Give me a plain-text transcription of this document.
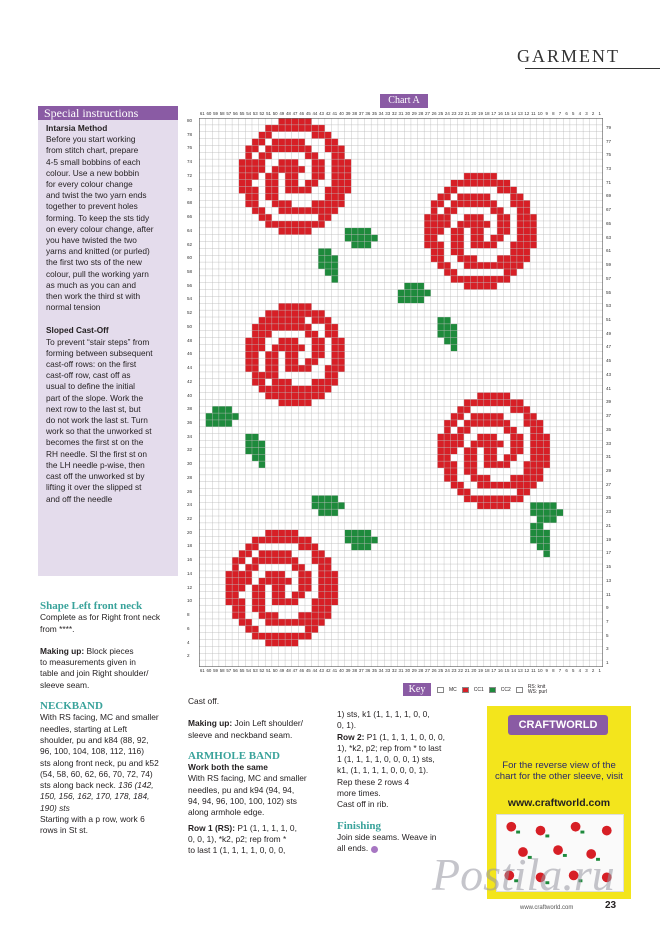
GARMENT
Special instructions
Intarsia Method
Before you start working
from stitch chart, prepare
4-5 small bobbins of each
colour. Use a new bobbin
for every colour change
and twist the two yarn ends
together to prevent holes
forming. To keep the sts tidy
on every colour change, after
you have twisted the two
yarns and knitted (or purled)
the first two sts of the new
colour, pull the working yarn
as much as you can and
then work the third st with
normal tension
Sloped Cast-Off
To prevent “stair steps” from
forming between subsequent
cast-off rows: on the first
cast-off row, cast off as
usual to define the initial
part of the slope. Work the
next row to the last st, but
do not work the last st. Turn
work so that the unworked st
becomes the first st on the
RH needle. Sl the first st on
the LH needle p-wise, then
cast off the unworked st by
lifting it over the slipped st
and off the needle
Chart A
61 60 59 58 57 56 55 54 53 52 51 50 49 48 47 46 45 44 43 42 41 40 39 38 37 36 35 34 33 32 31 30 29 28 27 26 25 24 23 22 21 20 19 18 17 16 15 14 13 12 11 10 9 8 7 6 5 4 3 2 1
61 60 59 58 57 56 55 54 53 52 51 50 49 48 47 46 45 44 43 42 41 40 39 38 37 36 35 34 33 32 31 30 29 28 27 26 25 24 23 22 21 20 19 18 17 16 15 14 13 12 11 10 9 8 7 6 5 4 3 2 1
80
78
76
74
72
70
68
66
64
62
60
58
56
54
52
50
48
46
44
42
40
38
36
34
32
30
28
26
24
22
20
18
16
14
12
10
8
6
4
2
79
77
75
73
71
69
67
65
63
61
59
57
55
53
51
49
47
45
43
41
39
37
35
33
31
29
27
25
23
21
19
17
15
13
11
9
7
5
3
1
Key	MC	CC1	CC2	RS: knit
WS: purl
Shape Left front neck
Complete as for Right front neck
from ****.
Making up: Block pieces
to measurements given in
table and join Right shoulder/
sleeve seam.
NECKBAND
With RS facing, MC and smaller
needles, starting at Left
shoulder, pu and k84 (88, 92,
96, 100, 104, 108, 112, 116)
sts along front neck, pu and k52
(54, 58, 60, 62, 66, 70, 72, 74)
sts along back neck. 136 (142,
150, 156, 162, 170, 178, 184,
190) sts
Starting with a p row, work 6
rows in St st.
Cast off.
Making up: Join Left shoulder/
sleeve and neckband seam.
ARMHOLE BAND
Work both the same
With RS facing, MC and smaller
needles, pu and k94 (94, 94,
94, 94, 96, 100, 100, 102) sts
along armhole edge.
Row 1 (RS): P1 (1, 1, 1, 1, 0,
0, 0, 1), *k2, p2; rep from *
to last 1 (1, 1, 1, 1, 0, 0, 0,
1) sts, k1 (1, 1, 1, 1, 0, 0,
0, 1).
Row 2: P1 (1, 1, 1, 1, 0, 0, 0,
1), *k2, p2; rep from * to last
1 (1, 1, 1, 1, 0, 0, 0, 1) sts,
k1, (1, 1, 1, 1, 0, 0, 0, 1).
Rep these 2 rows 4
more times.
Cast off in rib.
Finishing
Join side seams. Weave in
all ends.
CRAFTWORLD
For the reverse view of the chart for the other sleeve, visit
www.craftworld.com
www.craftworld.com	23
Postila.ru
